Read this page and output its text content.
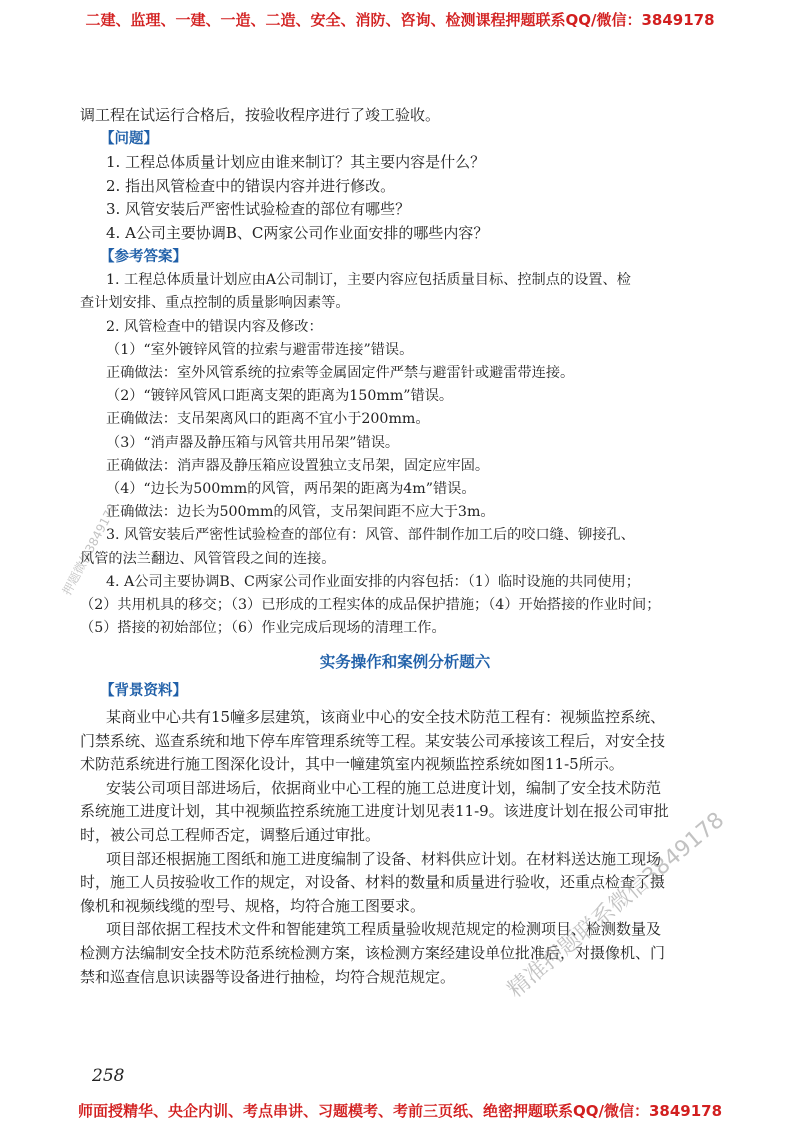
二建、监理、一建、一造、二造、安全、消防、咨询、检测课程押题联系QQ/微信：3849178
调工程在试运行合格后，按验收程序进行了竣工验收。
【问题】
1. 工程总体质量计划应由谁来制订？其主要内容是什么？
2. 指出风管检查中的错误内容并进行修改。
3. 风管安装后严密性试验检查的部位有哪些？
4. A公司主要协调B、C两家公司作业面安排的哪些内容？
【参考答案】
1. 工程总体质量计划应由A公司制订，主要内容应包括质量目标、控制点的设置、检
查计划安排、重点控制的质量影响因素等。
2. 风管检查中的错误内容及修改：
（1）“室外镀锌风管的拉索与避雷带连接”错误。
正确做法：室外风管系统的拉索等金属固定件严禁与避雷针或避雷带连接。
（2）“镀锌风管风口距离支架的距离为150mm”错误。
正确做法：支吊架离风口的距离不宜小于200mm。
（3）“消声器及静压箱与风管共用吊架”错误。
正确做法：消声器及静压箱应设置独立支吊架，固定应牢固。
（4）“边长为500mm的风管，两吊架的距离为4m”错误。
正确做法：边长为500mm的风管，支吊架间距不应大于3m。
3. 风管安装后严密性试验检查的部位有：风管、部件制作加工后的咬口缝、铆接孔、
风管的法兰翻边、风管管段之间的连接。
4. A公司主要协调B、C两家公司作业面安排的内容包括：（1）临时设施的共同使用；
（2）共用机具的移交；（3）已形成的工程实体的成品保护措施；（4）开始搭接的作业时间；
（5）搭接的初始部位；（6）作业完成后现场的清理工作。
实务操作和案例分析题六
【背景资料】
某商业中心共有15幢多层建筑，该商业中心的安全技术防范工程有：视频监控系统、
门禁系统、巡查系统和地下停车库管理系统等工程。某安装公司承接该工程后，对安全技
术防范系统进行施工图深化设计，其中一幢建筑室内视频监控系统如图11-5所示。
安装公司项目部进场后，依据商业中心工程的施工总进度计划，编制了安全技术防范
系统施工进度计划，其中视频监控系统施工进度计划见表11-9。该进度计划在报公司审批
时，被公司总工程师否定，调整后通过审批。
项目部还根据施工图纸和施工进度编制了设备、材料供应计划。在材料送达施工现场
时，施工人员按验收工作的规定，对设备、材料的数量和质量进行验收，还重点检查了摄
像机和视频线缆的型号、规格，均符合施工图要求。
项目部依据工程技术文件和智能建筑工程质量验收规范规定的检测项目、检测数量及
检测方法编制安全技术防范系统检测方案，该检测方案经建设单位批准后，对摄像机、门
禁和巡查信息识读器等设备进行抽检，均符合规范规定。
押题微信3849178
精准押题联系微信3849178
258
师面授精华、央企内训、考点串讲、习题模考、考前三页纸、绝密押题联系QQ/微信：3849178
